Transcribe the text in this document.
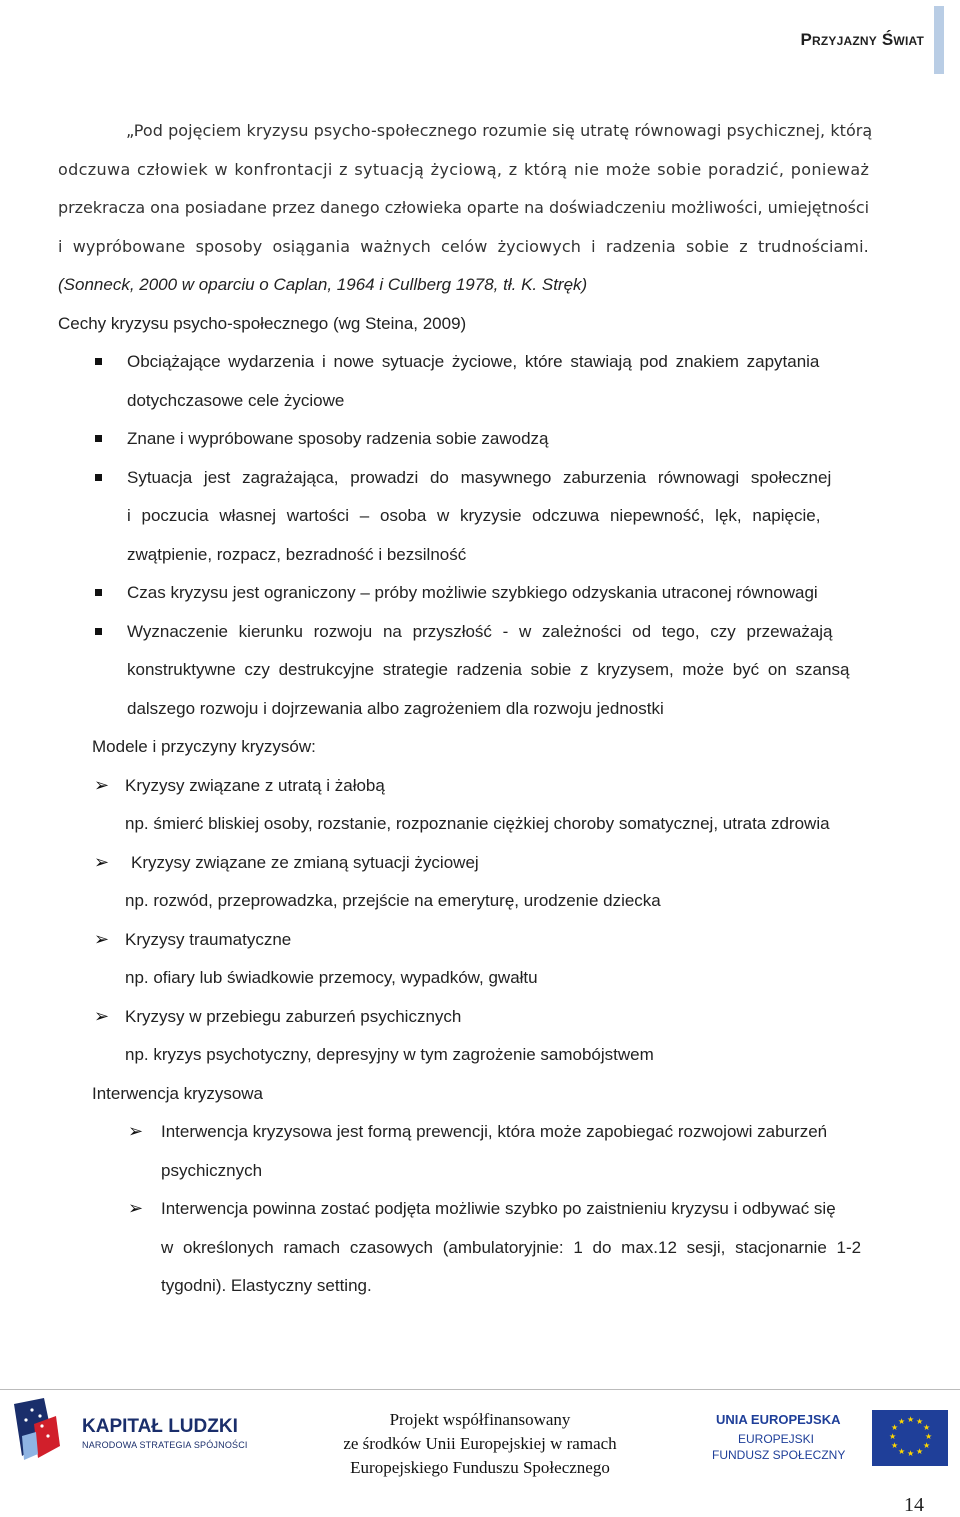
Przyjazny Świat
„Pod pojęciem kryzysu psycho-społecznego rozumie się utratę równowagi psychicznej, którą
odczuwa człowiek w konfrontacji z sytuacją życiową, z którą nie może sobie poradzić, ponieważ
przekracza ona posiadane przez danego człowieka oparte na doświadczeniu możliwości, umiejętności
i wypróbowane sposoby osiągania ważnych celów życiowych i radzenia sobie z trudnościami.
(Sonneck, 2000 w oparciu o Caplan, 1964 i Cullberg 1978, tł. K. Stręk)
Cechy kryzysu psycho-społecznego (wg Steina, 2009)
Obciążające wydarzenia i nowe sytuacje życiowe, które stawiają pod znakiem zapytania
dotychczasowe cele życiowe
Znane i wypróbowane sposoby radzenia sobie zawodzą
Sytuacja jest zagrażająca, prowadzi do masywnego zaburzenia równowagi społecznej
i poczucia własnej wartości – osoba w kryzysie odczuwa niepewność, lęk, napięcie,
zwątpienie, rozpacz, bezradność i bezsilność
Czas kryzysu jest ograniczony – próby możliwie szybkiego odzyskania utraconej równowagi
Wyznaczenie kierunku rozwoju na przyszłość - w zależności od tego, czy przeważają
konstruktywne czy destrukcyjne strategie radzenia sobie z kryzysem, może być on szansą
dalszego rozwoju i dojrzewania albo zagrożeniem dla rozwoju jednostki
Modele i przyczyny kryzysów:
➢ Kryzysy związane z utratą i żałobą
np. śmierć bliskiej osoby, rozstanie, rozpoznanie ciężkiej choroby somatycznej, utrata zdrowia
➢	Kryzysy związane ze zmianą sytuacji życiowej
np. rozwód, przeprowadzka, przejście na emeryturę, urodzenie dziecka
➢ Kryzysy traumatyczne
np. ofiary lub świadkowie przemocy, wypadków, gwałtu
➢ Kryzysy w przebiegu zaburzeń psychicznych
np. kryzys psychotyczny, depresyjny w tym zagrożenie samobójstwem
Interwencja kryzysowa
➢	Interwencja kryzysowa jest formą prewencji, która może zapobiegać rozwojowi zaburzeń
psychicznych
➢	Interwencja powinna zostać podjęta możliwie szybko po zaistnieniu kryzysu i odbywać się
w określonych ramach czasowych (ambulatoryjnie: 1 do max.12 sesji, stacjonarnie 1-2
tygodni). Elastyczny setting.
KAPITAŁ LUDZKI
NARODOWA STRATEGIA SPÓJNOŚCI
Projekt współfinansowany
ze środków Unii Europejskiej w ramach
Europejskiego Funduszu Społecznego
UNIA EUROPEJSKA
EUROPEJSKI
FUNDUSZ SPOŁECZNY
★ ★
★
★
★
★
★
★
★
★
★
★
14
